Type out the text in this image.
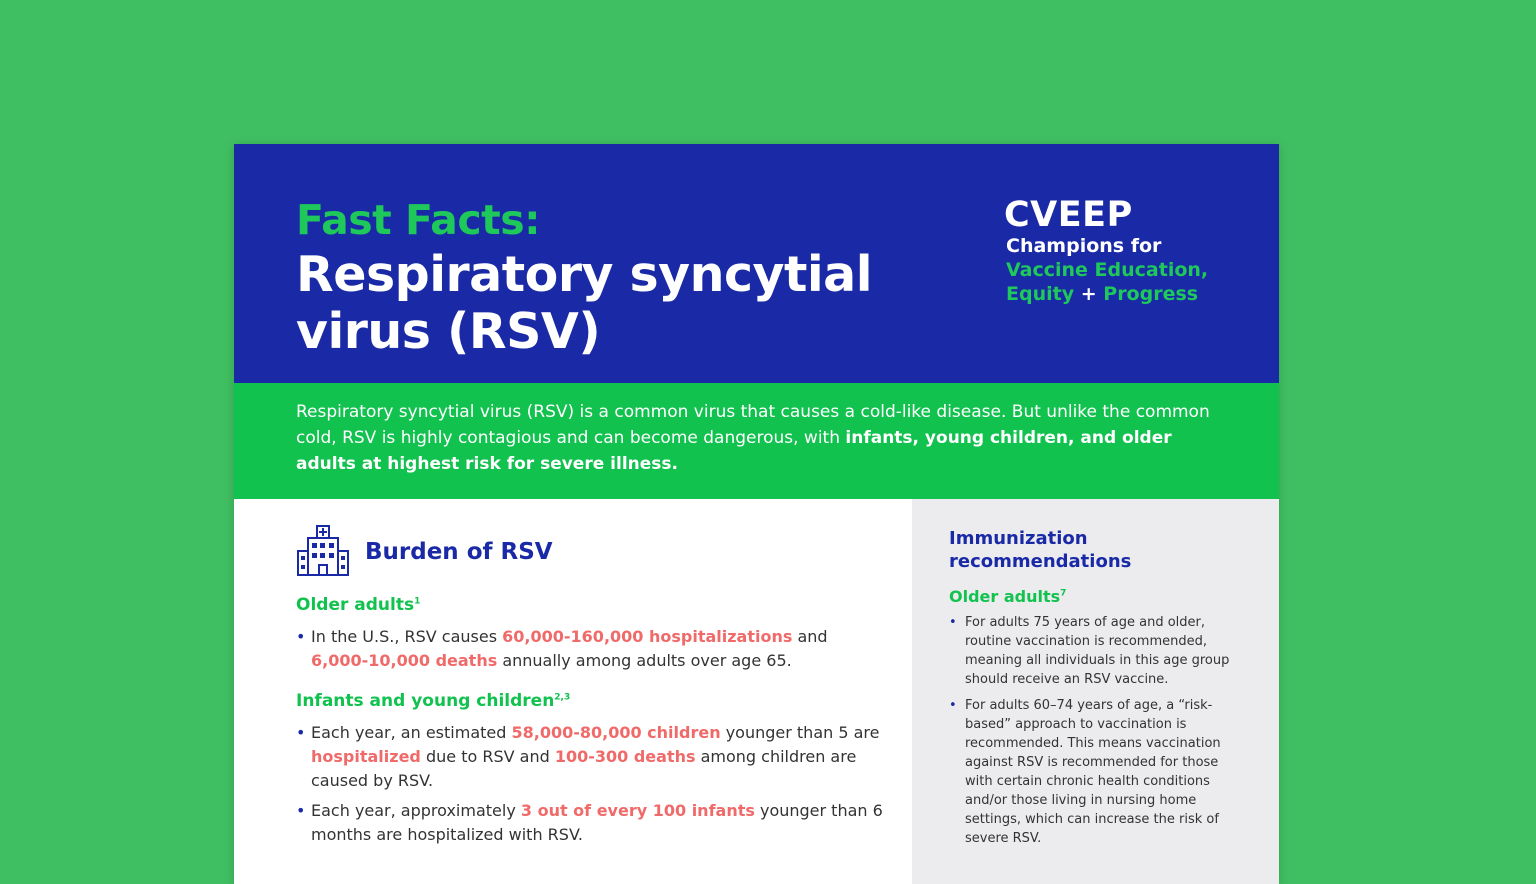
Fast Facts:
Respiratory syncytial virus (RSV)
CVEEP
Champions for
Vaccine Education,
Equity + Progress

Respiratory syncytial virus (RSV) is a common virus that causes a cold-like disease. But unlike the common cold, RSV is highly contagious and can become dangerous, with infants, young children, and older adults at highest risk for severe illness.

Burden of RSV
Older adults$^1$
• In the U.S., RSV causes 60,000-160,000 hospitalizations and 6,000-10,000 deaths annually among adults over age 65.
Infants and young children$^{2,3}$
• Each year, an estimated 58,000-80,000 children younger than 5 are hospitalized due to RSV and 100-300 deaths among children are caused by RSV.
• Each year, approximately 3 out of every 100 infants younger than 6 months are hospitalized with RSV.
Immunization
recommendations
Older adults$^7$
• For adults 75 years of age and older, routine vaccination is recommended, meaning all individuals in this age group should receive an RSV vaccine.
• For adults 60–74 years of age, a “risk-based” approach to vaccination is recommended. This means vaccination against RSV is recommended for those with certain chronic health conditions and/or those living in nursing home settings, which can increase the risk of severe RSV.
